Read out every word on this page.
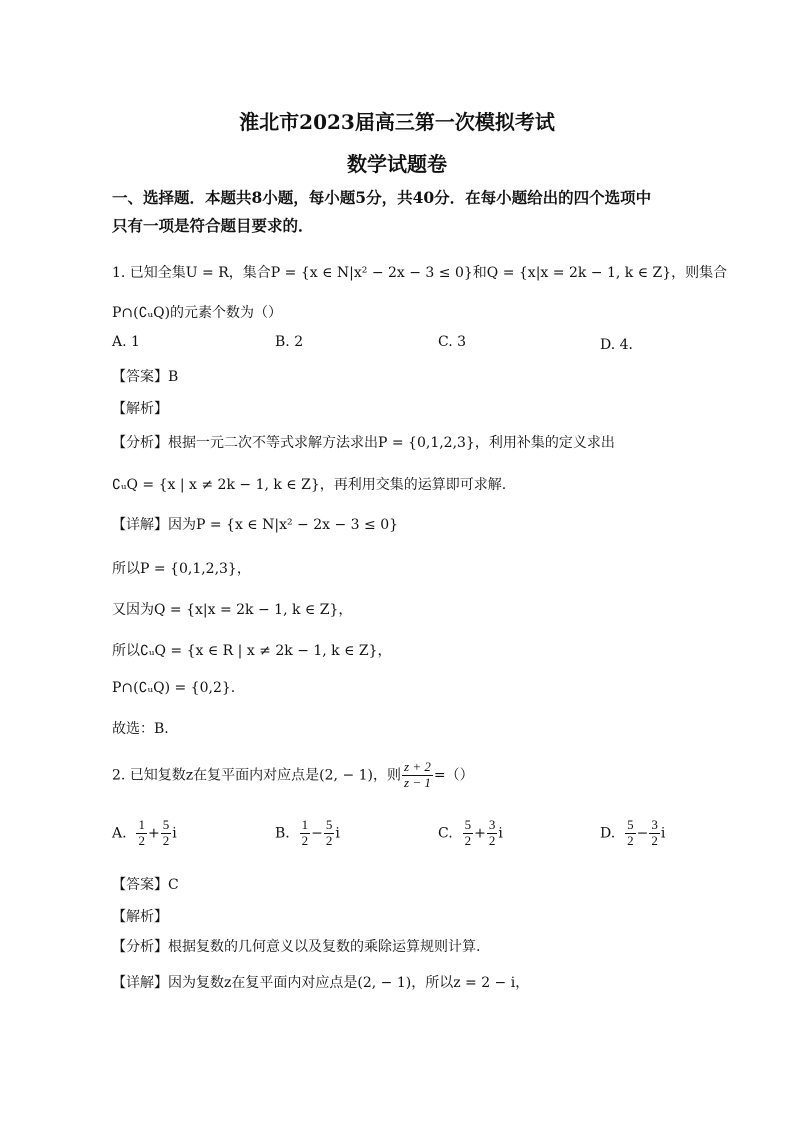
淮北市2023届高三第一次模拟考试
数学试题卷
一、选择题．本题共8小题，每小题5分，共40分．在每小题给出的四个选项中
只有一项是符合题目要求的．
1. 已知全集U = R，集合P = {x ∈ N|x² − 2x − 3 ≤ 0}和Q = {x|x = 2k − 1, k ∈ Z}，则集合
P∩(∁ᵤQ)的元素个数为（）
A. 1	B. 2	C. 3	D. 4．
【答案】B
【解析】
【分析】根据一元二次不等式求解方法求出P = {0,1,2,3}，利用补集的定义求出
∁ᵤQ = {x | x ≠ 2k − 1, k ∈ Z}，再利用交集的运算即可求解.
【详解】因为P = {x ∈ N|x² − 2x − 3 ≤ 0}
所以P = {0,1,2,3}，
又因为Q = {x|x = 2k − 1, k ∈ Z}，
所以∁ᵤQ = {x ∈ R | x ≠ 2k − 1, k ∈ Z}，
P∩(∁ᵤQ) = {0,2}.
故选：B.
2. 已知复数z在复平面内对应点是(2, − 1)，则 $\frac{z + 2}{z - 1}$ =（）
A. $\frac{1}{2} + \frac{5}{2}$ i	B. $\frac{1}{2} - \frac{5}{2}$ i	C. $\frac{5}{2} + \frac{3}{2}$ i	D. $\frac{5}{2} - \frac{3}{2}$ i
【答案】C
【解析】
【分析】根据复数的几何意义以及复数的乘除运算规则计算.
【详解】因为复数z在复平面内对应点是(2, − 1)，所以z = 2 − i，
